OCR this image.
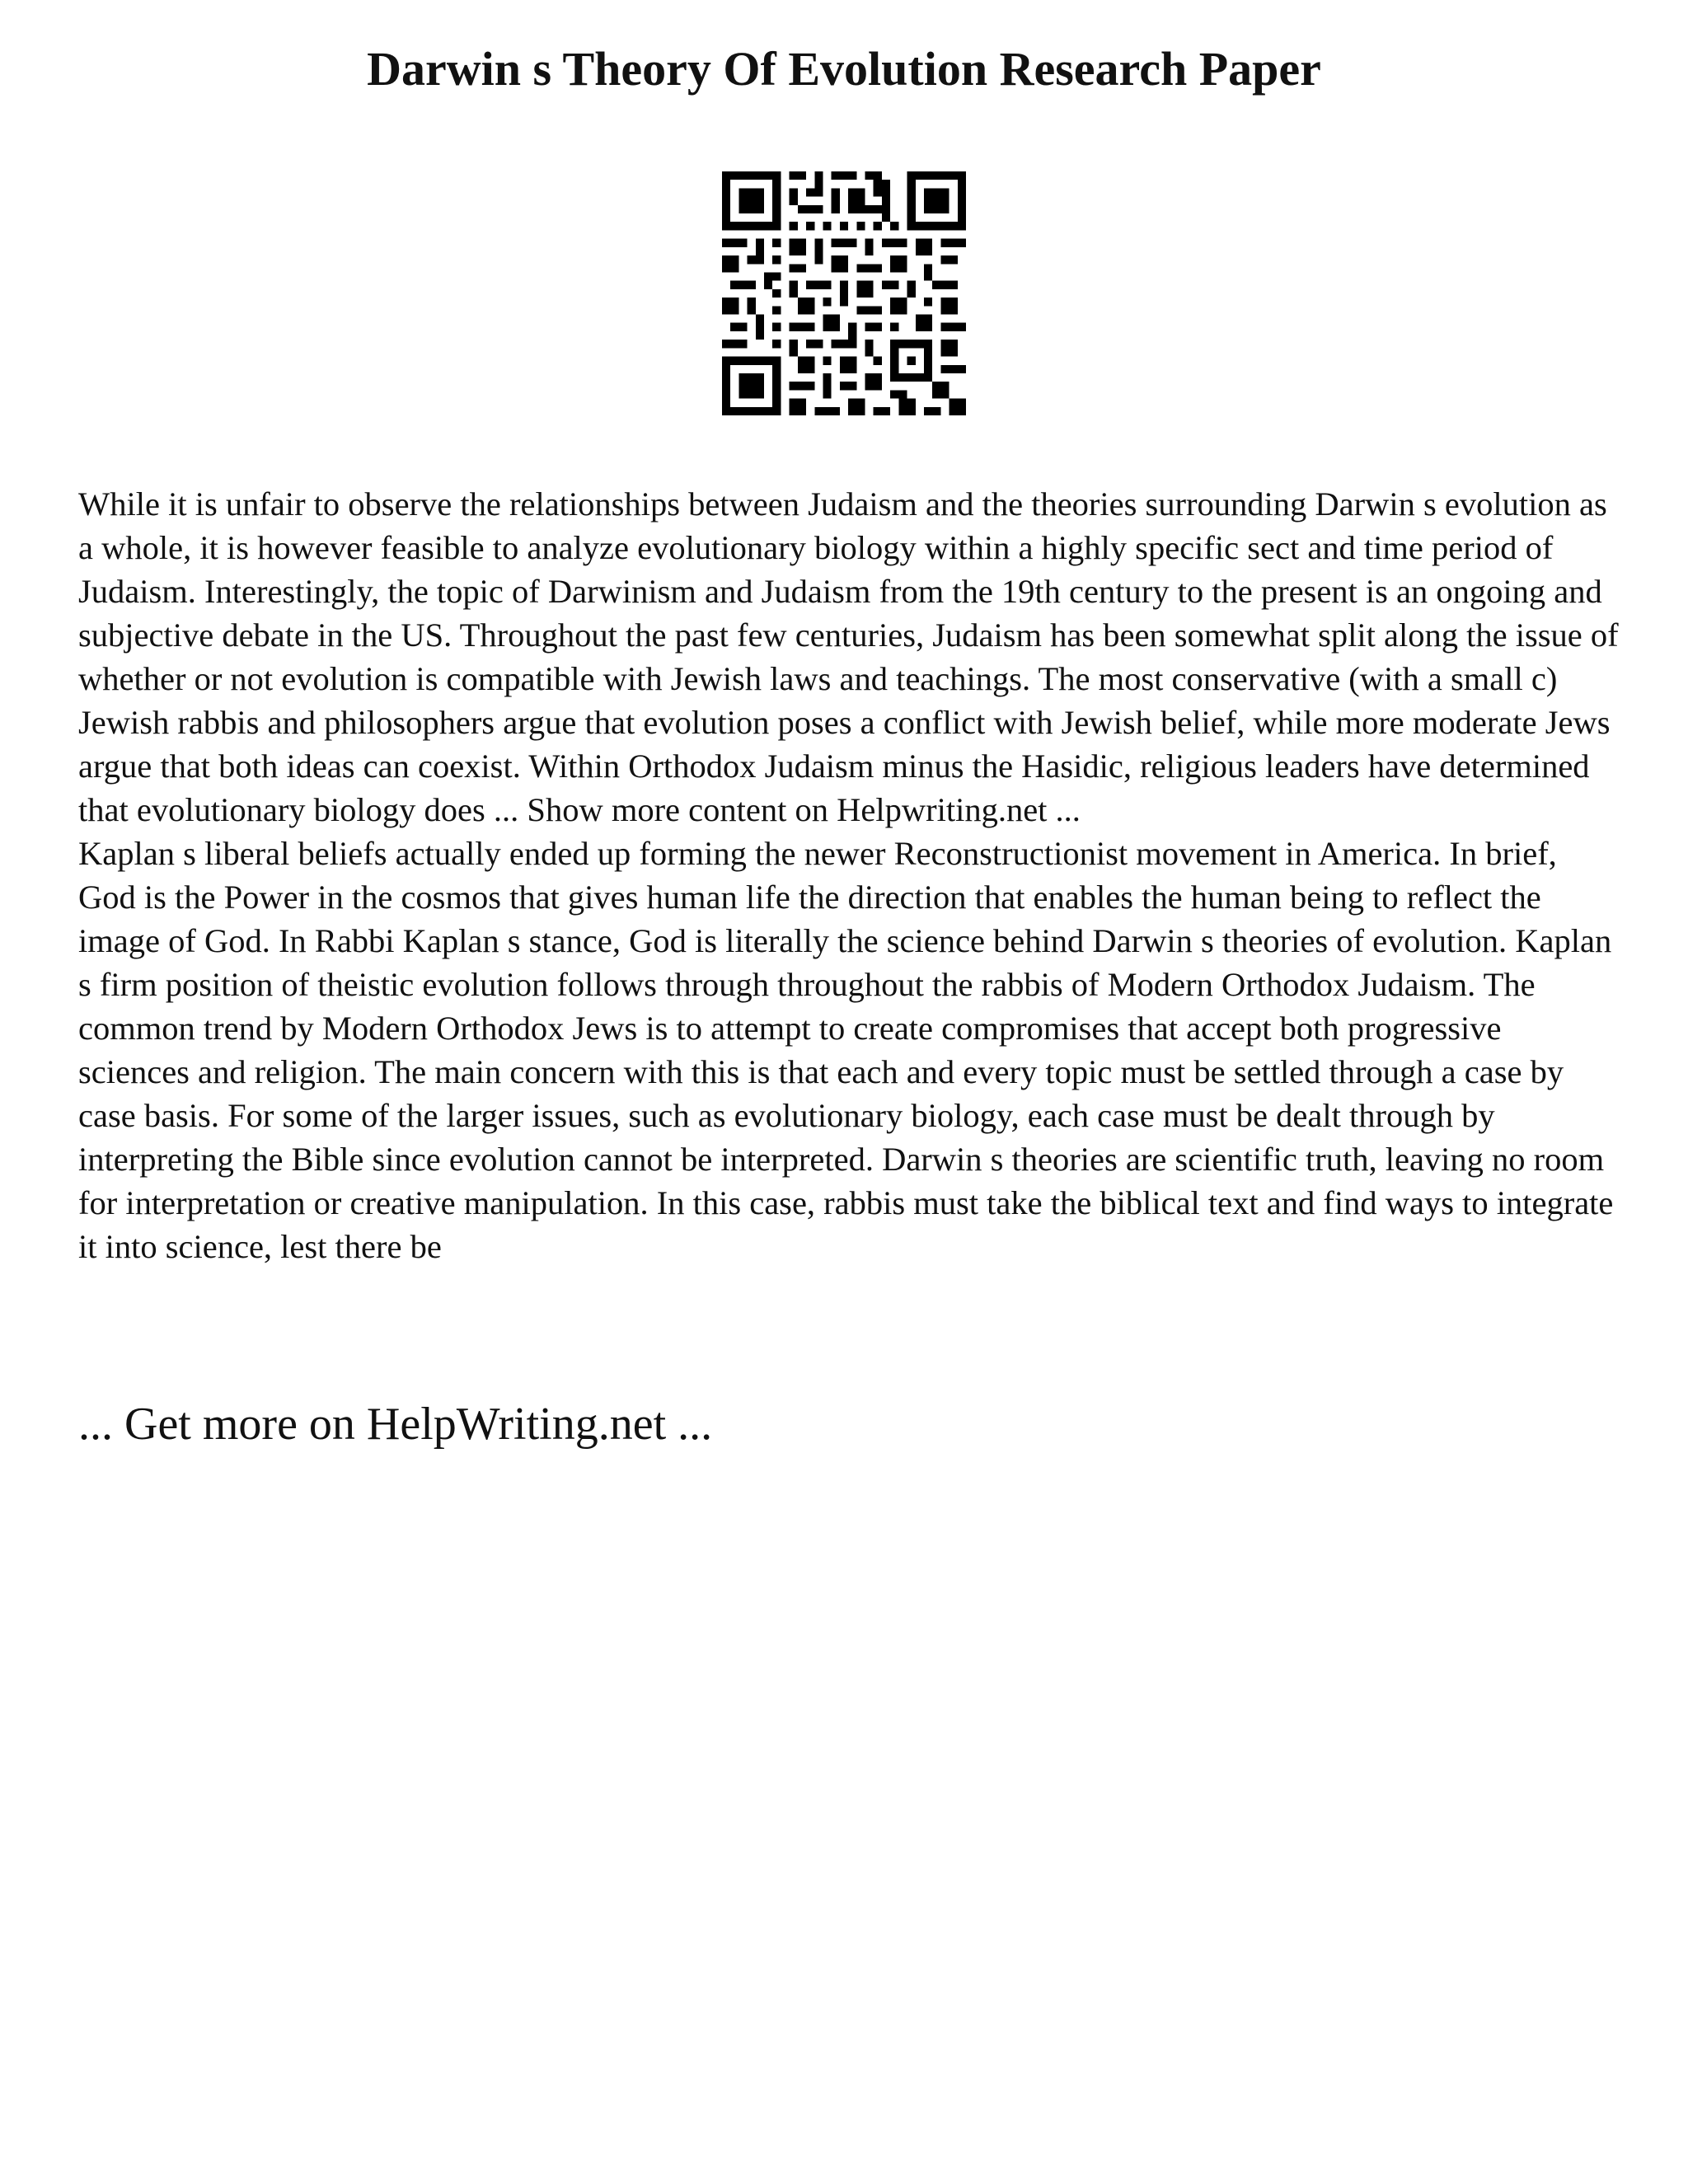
Darwin s Theory Of Evolution Research Paper

While it is unfair to observe the relationships between Judaism and the theories surrounding Darwin s evolution as a whole, it is however feasible to analyze evolutionary biology within a highly specific sect and time period of Judaism. Interestingly, the topic of Darwinism and Judaism from the 19th century to the present is an ongoing and subjective debate in the US. Throughout the past few centuries, Judaism has been somewhat split along the issue of whether or not evolution is compatible with Jewish laws and teachings. The most conservative (with a small c) Jewish rabbis and philosophers argue that evolution poses a conflict with Jewish belief, while more moderate Jews argue that both ideas can coexist. Within Orthodox Judaism minus the Hasidic, religious leaders have determined that evolutionary biology does ... Show more content on Helpwriting.net ...

Kaplan s liberal beliefs actually ended up forming the newer Reconstructionist movement in America. In brief, God is the Power in the cosmos that gives human life the direction that enables the human being to reflect the image of God. In Rabbi Kaplan s stance, God is literally the science behind Darwin s theories of evolution. Kaplan s firm position of theistic evolution follows through throughout the rabbis of Modern Orthodox Judaism. The common trend by Modern Orthodox Jews is to attempt to create compromises that accept both progressive sciences and religion. The main concern with this is that each and every topic must be settled through a case by case basis. For some of the larger issues, such as evolutionary biology, each case must be dealt through by interpreting the Bible since evolution cannot be interpreted. Darwin s theories are scientific truth, leaving no room for interpretation or creative manipulation. In this case, rabbis must take the biblical text and find ways to integrate it into science, lest there be

... Get more on HelpWriting.net ...
